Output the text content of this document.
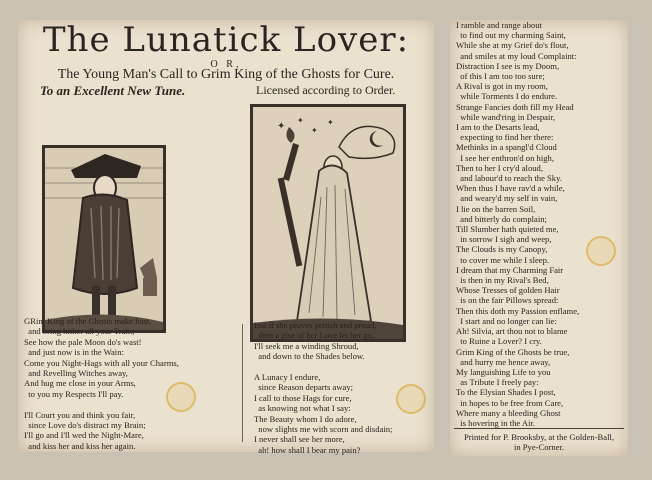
The Lunatick Lover:
O R,
The Young Man's Call to Grim King of the Ghosts for Cure.
To an Excellent New Tune.	Licensed according to Order.
✦
✦
✦
✦
GRim King of the Ghosts make hast,
and bring hither all your Train;
See how the pale Moon do's wast!
and just now is in the Wain:
Come you Night-Hags with all your Charms,
and Revelling Witches away,
And hug me close in your Arms,
to you my Respects I'll pay.

I'll Court you and think you fair,
since Love do's distract my Brain;
I'll go and I'll wed the Night-Mare,
and kiss her and kiss her again.
But if she proves pettish and proud,
then a pise of her Love let her go,
I'll seek me a winding Shroud,
and down to the Shades below.

A Lunacy I endure,
since Reason departs away;
I call to those Hags for cure,
as knowing not what I say:
The Beauty whom I do adore,
now slights me with scorn and disdain;
I never shall see her more,
ah! how shall I bear my pain?
I ramble and range about
to find out my charming Saint,
While she at my Grief do's flout,
and smiles at my loud Complaint:
Distraction I see is my Doom,
of this I am too too sure;
A Rival is got in my room,
while Torments I do endure.
Strange Fancies doth fill my Head
while wand'ring in Despair,
I am to the Desarts lead,
expecting to find her there:
Methinks in a spangl'd Cloud
I see her enthron'd on high,
Then to her I cry'd aloud,
and labour'd to reach the Sky.
When thus I have rav'd a while,
and weary'd my self in vain,
I lie on the barren Soil,
and bitterly do complain;
Till Slumber hath quieted me,
in sorrow I sigh and weep,
The Clouds is my Canopy,
to cover me while I sleep.
I dream that my Charming Fair
is then in my Rival's Bed,
Whose Tresses of golden Hair
is on the fair Pillows spread:
Then this doth my Passion enflame,
I start and no longer can lie:
Ah! Silvia, art thou not to blame
to Ruine a Lover? I cry.
Grim King of the Ghosts be true,
and hurry me hence away,
My languishing Life to you
as Tribute I freely pay:
To the Elysian Shades I post,
in hopes to be free from Care,
Where many a bleeding Ghost
is hovering in the Air.
Printed for P. Brooksby, at the Golden-Ball,
in Pye-Corner.
